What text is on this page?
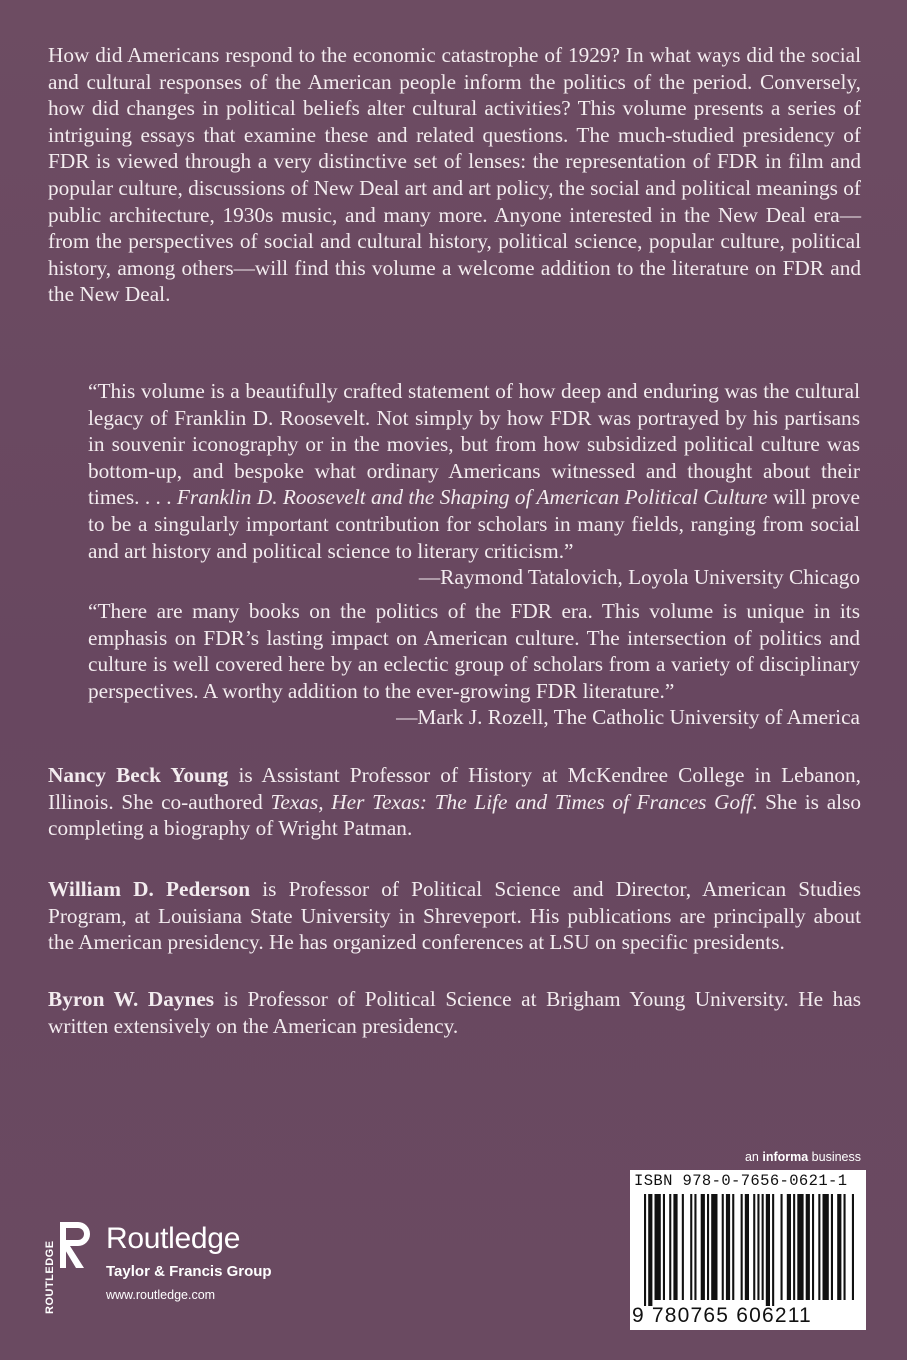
How did Americans respond to the economic catastrophe of 1929? In what ways did the social and cultural responses of the American people inform the politics of the period. Conversely, how did changes in political beliefs alter cultural activities? This volume presents a series of intriguing essays that examine these and related questions. The much-studied presidency of FDR is viewed through a very distinctive set of lenses: the representation of FDR in film and popular culture, discussions of New Deal art and art policy, the social and political meanings of public architecture, 1930s music, and many more. Anyone interested in the New Deal era—from the perspectives of social and cultural history, political science, popular culture, political history, among others—will find this volume a welcome addition to the literature on FDR and the New Deal.

“This volume is a beautifully crafted statement of how deep and enduring was the cultural legacy of Franklin D. Roosevelt. Not simply by how FDR was portrayed by his partisans in souvenir iconography or in the movies, but from how subsidized political culture was bottom-up, and bespoke what ordinary Americans witnessed and thought about their times. . . . Franklin D. Roosevelt and the Shaping of American Political Culture will prove to be a singularly important contribution for scholars in many fields, ranging from social and art history and political science to literary criticism.”
—Raymond Tatalovich, Loyola University Chicago

“There are many books on the politics of the FDR era. This volume is unique in its emphasis on FDR’s lasting impact on American culture. The intersection of politics and culture is well covered here by an eclectic group of scholars from a variety of disciplinary perspectives. A worthy addition to the ever-growing FDR literature.”
—Mark J. Rozell, The Catholic University of America

Nancy Beck Young is Assistant Professor of History at McKendree College in Lebanon, Illinois. She co-authored Texas, Her Texas: The Life and Times of Frances Goff. She is also completing a biography of Wright Patman.

William D. Pederson is Professor of Political Science and Director, American Studies Program, at Louisiana State University in Shreveport. His publications are principally about the American presidency. He has organized conferences at LSU on specific presidents.

Byron W. Daynes is Professor of Political Science at Brigham Young University. He has written extensively on the American presidency.

ROUTLEDGE
Routledge
Taylor & Francis Group
www.routledge.com
an informa business
ISBN 978-0-7656-0621-1
9 780765 606211
